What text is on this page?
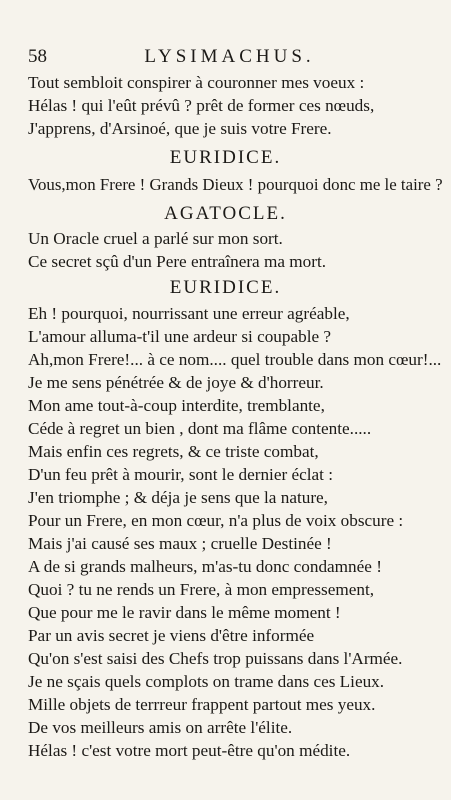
58	LYSIMACHUS.
Tout sembloit conspirer à couronner mes voeux :
Hélas ! qui l'eût prévû ? prêt de former ces nœuds,
J'apprens, d'Arsinoé, que je suis votre Frere.
EURIDICE.
Vous,mon Frere ! Grands Dieux ! pourquoi donc me le taire ?
AGATOCLE.
Un Oracle cruel a parlé sur mon sort.
Ce secret sçû d'un Pere entraînera ma mort.
EURIDICE.
Eh ! pourquoi, nourrissant une erreur agréable,
L'amour alluma-t'il une ardeur si coupable ?
Ah,mon Frere!... à ce nom.... quel trouble dans mon cœur!...
Je me sens pénétrée & de joye & d'horreur.
Mon ame tout-à-coup interdite, tremblante,
Céde à regret un bien , dont ma flâme contente.....
Mais enfin ces regrets, & ce triste combat,
D'un feu prêt à mourir, sont le dernier éclat :
J'en triomphe ; & déja je sens que la nature,
Pour un Frere, en mon cœur, n'a plus de voix obscure :
Mais j'ai causé ses maux ; cruelle Destinée !
A de si grands malheurs, m'as-tu donc condamnée !
Quoi ? tu ne rends un Frere, à mon empressement,
Que pour me le ravir dans le même moment !
Par un avis secret je viens d'être informée
Qu'on s'est saisi des Chefs trop puissans dans l'Armée.
Je ne sçais quels complots on trame dans ces Lieux.
Mille objets de terrreur frappent partout mes yeux.
De vos meilleurs amis on arrête l'élite.
Hélas ! c'est votre mort peut-être qu'on médite.
